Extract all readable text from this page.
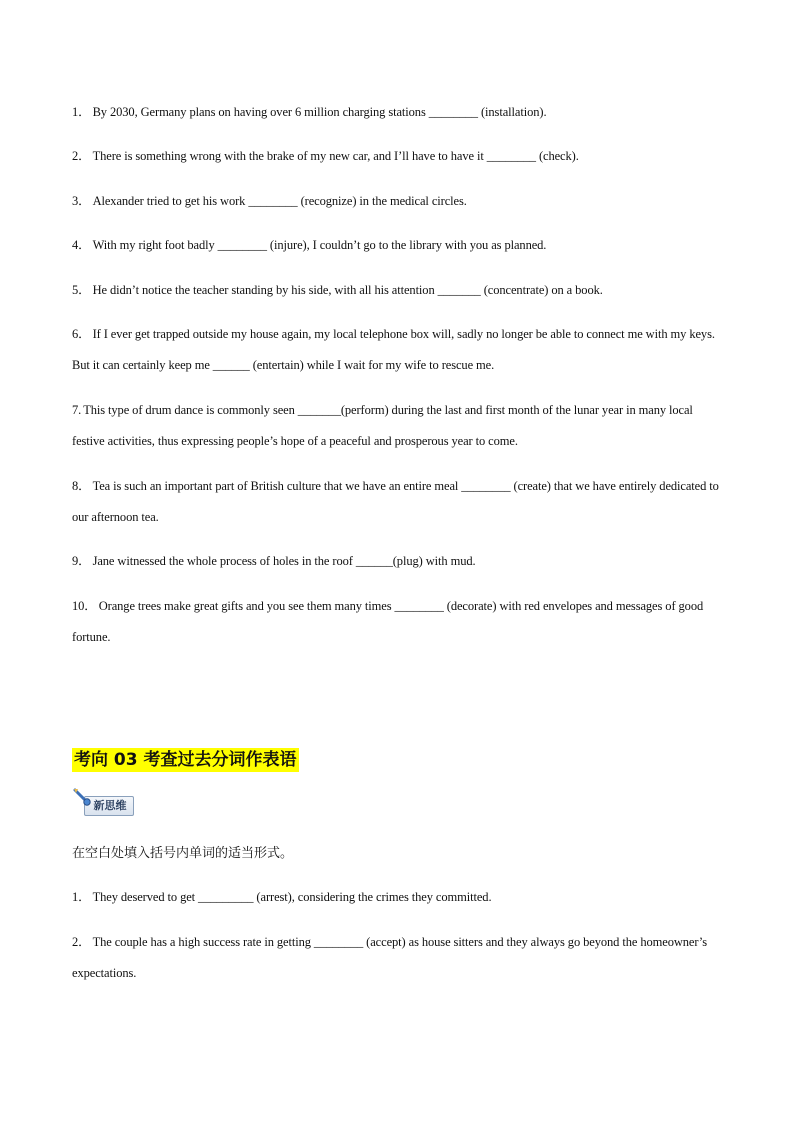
1． By 2030, Germany plans on having over 6 million charging stations ________ (installation).
2． There is something wrong with the brake of my new car, and I’ll have to have it ________ (check).
3． Alexander tried to get his work ________ (recognize) in the medical circles.
4． With my right foot badly ________ (injure), I couldn’t go to the library with you as planned.
5． He didn’t notice the teacher standing by his side, with all his attention _______ (concentrate) on a book.
6． If I ever get trapped outside my house again, my local telephone box will, sadly no longer be able to connect me with my keys. But it can certainly keep me ______ (entertain) while I wait for my wife to rescue me.
7. This type of drum dance is commonly seen _______(perform) during the last and first month of the lunar year in many local festive activities, thus expressing people’s hope of a peaceful and prosperous year to come.
8． Tea is such an important part of British culture that we have an entire meal ________ (create) that we have entirely dedicated to our afternoon tea.
9． Jane witnessed the whole process of holes in the roof ______(plug) with mud.
10． Orange trees make great gifts and you see them many times ________ (decorate) with red envelopes and messages of good fortune.
考向 03 考查过去分词作表语
新思维
在空白处填入括号内单词的适当形式。
1． They deserved to get _________ (arrest), considering the crimes they committed.
2． The couple has a high success rate in getting ________ (accept) as house sitters and they always go beyond the homeowner’s expectations.
